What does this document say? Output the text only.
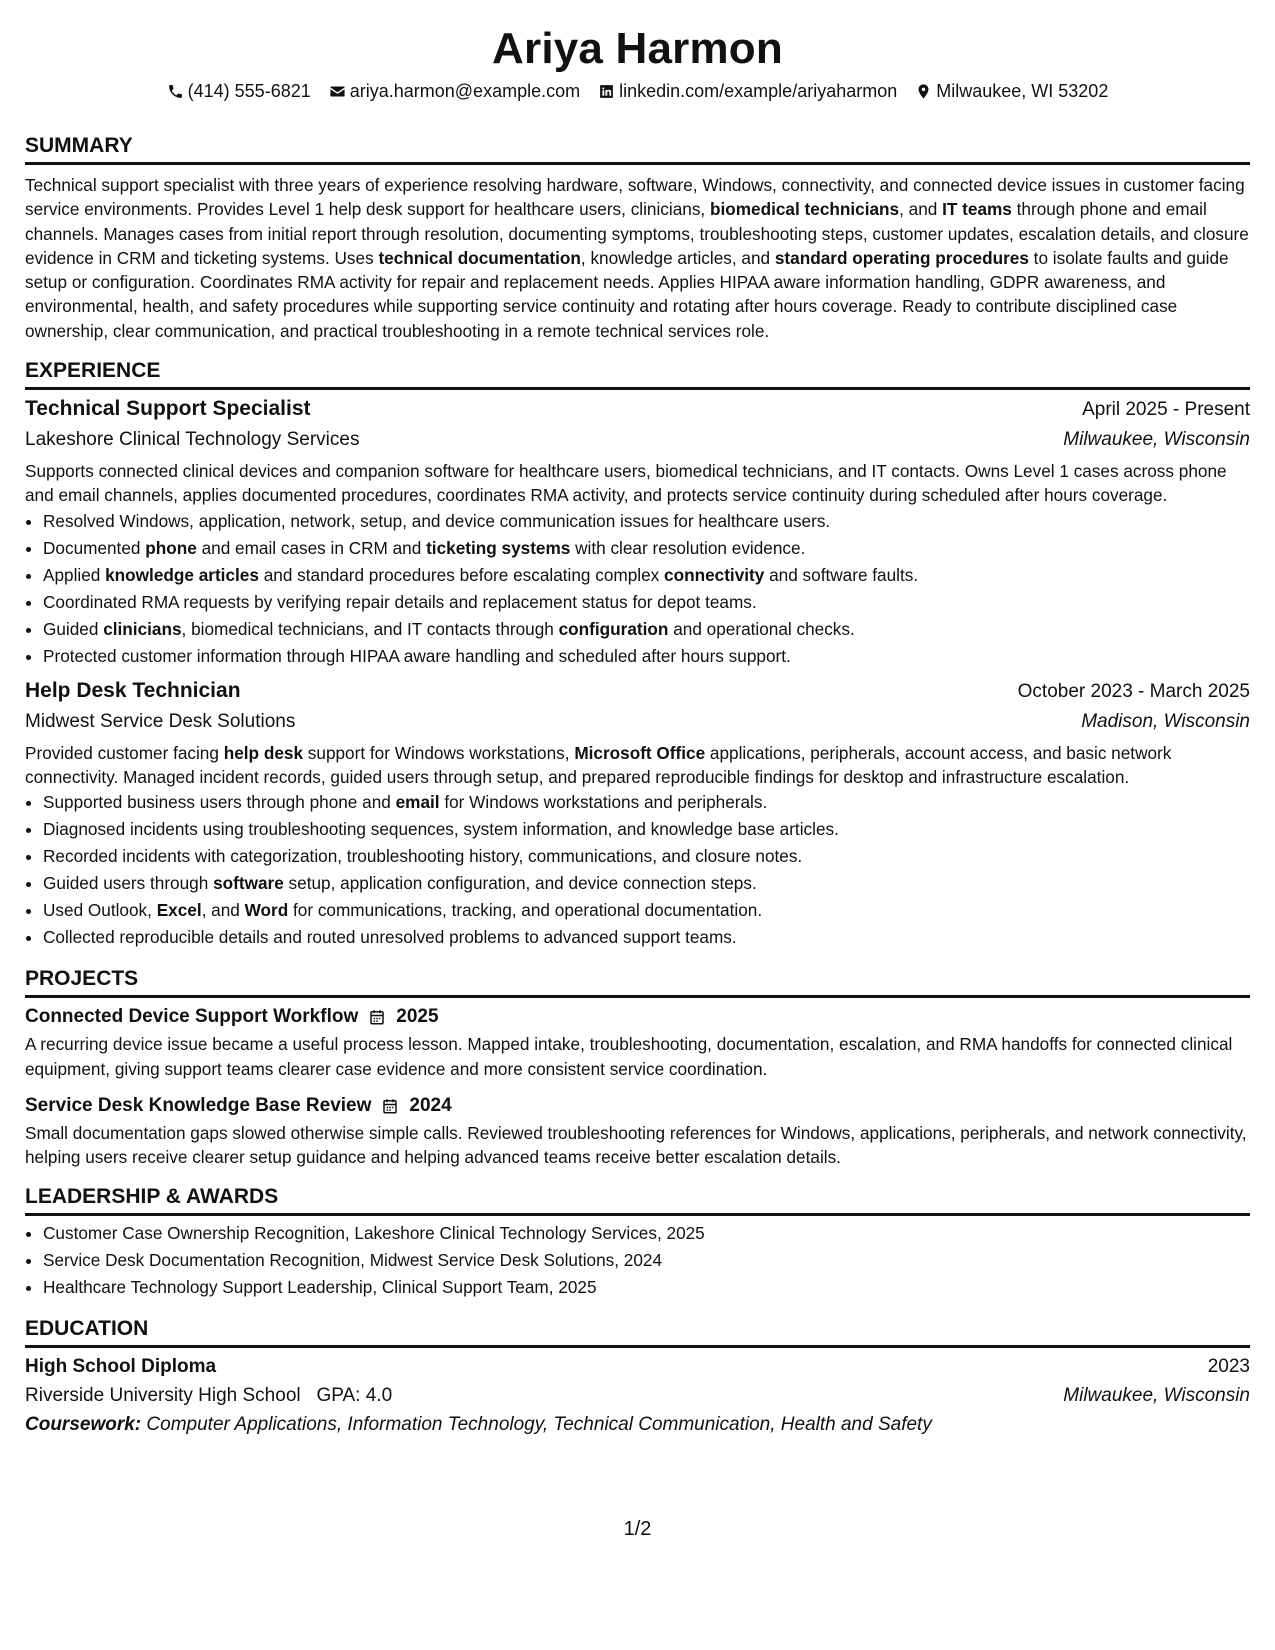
Ariya Harmon
(414) 555-6821 ariya.harmon@example.com linkedin.com/example/ariyaharmon Milwaukee, WI 53202
SUMMARY

Technical support specialist with three years of experience resolving hardware, software, Windows, connectivity, and connected device issues in customer facing service environments. Provides Level 1 help desk support for healthcare users, clinicians, biomedical technicians, and IT teams through phone and email channels. Manages cases from initial report through resolution, documenting symptoms, troubleshooting steps, customer updates, escalation details, and closure evidence in CRM and ticketing systems. Uses technical documentation, knowledge articles, and standard operating procedures to isolate faults and guide setup or configuration. Coordinates RMA activity for repair and replacement needs. Applies HIPAA aware information handling, GDPR awareness, and environmental, health, and safety procedures while supporting service continuity and rotating after hours coverage. Ready to contribute disciplined case ownership, clear communication, and practical troubleshooting in a remote technical services role.

EXPERIENCE
Technical Support Specialist	April 2025 - Present
Lakeshore Clinical Technology Services	Milwaukee, Wisconsin

Supports connected clinical devices and companion software for healthcare users, biomedical technicians, and IT contacts. Owns Level 1 cases across phone and email channels, applies documented procedures, coordinates RMA activity, and protects service continuity during scheduled after hours coverage.

• Resolved Windows, application, network, setup, and device communication issues for healthcare users.
• Documented phone and email cases in CRM and ticketing systems with clear resolution evidence.
• Applied knowledge articles and standard procedures before escalating complex connectivity and software faults.
• Coordinated RMA requests by verifying repair details and replacement status for depot teams.
• Guided clinicians, biomedical technicians, and IT contacts through configuration and operational checks.
• Protected customer information through HIPAA aware handling and scheduled after hours support.
Help Desk Technician	October 2023 - March 2025
Midwest Service Desk Solutions	Madison, Wisconsin

Provided customer facing help desk support for Windows workstations, Microsoft Office applications, peripherals, account access, and basic network connectivity. Managed incident records, guided users through setup, and prepared reproducible findings for desktop and infrastructure escalation.

• Supported business users through phone and email for Windows workstations and peripherals.
• Diagnosed incidents using troubleshooting sequences, system information, and knowledge base articles.
• Recorded incidents with categorization, troubleshooting history, communications, and closure notes.
• Guided users through software setup, application configuration, and device connection steps.
• Used Outlook, Excel, and Word for communications, tracking, and operational documentation.
• Collected reproducible details and routed unresolved problems to advanced support teams.
PROJECTS
Connected Device Support Workflow 2025

A recurring device issue became a useful process lesson. Mapped intake, troubleshooting, documentation, escalation, and RMA handoffs for connected clinical equipment, giving support teams clearer case evidence and more consistent service coordination.

Service Desk Knowledge Base Review 2024

Small documentation gaps slowed otherwise simple calls. Reviewed troubleshooting references for Windows, applications, peripherals, and network connectivity, helping users receive clearer setup guidance and helping advanced teams receive better escalation details.

LEADERSHIP & AWARDS
• Customer Case Ownership Recognition, Lakeshore Clinical Technology Services, 2025
• Service Desk Documentation Recognition, Midwest Service Desk Solutions, 2024
• Healthcare Technology Support Leadership, Clinical Support Team, 2025
EDUCATION
High School Diploma	2023
Riverside University High School GPA: 4.0	Milwaukee, Wisconsin
Coursework: Computer Applications, Information Technology, Technical Communication, Health and Safety
1/2
